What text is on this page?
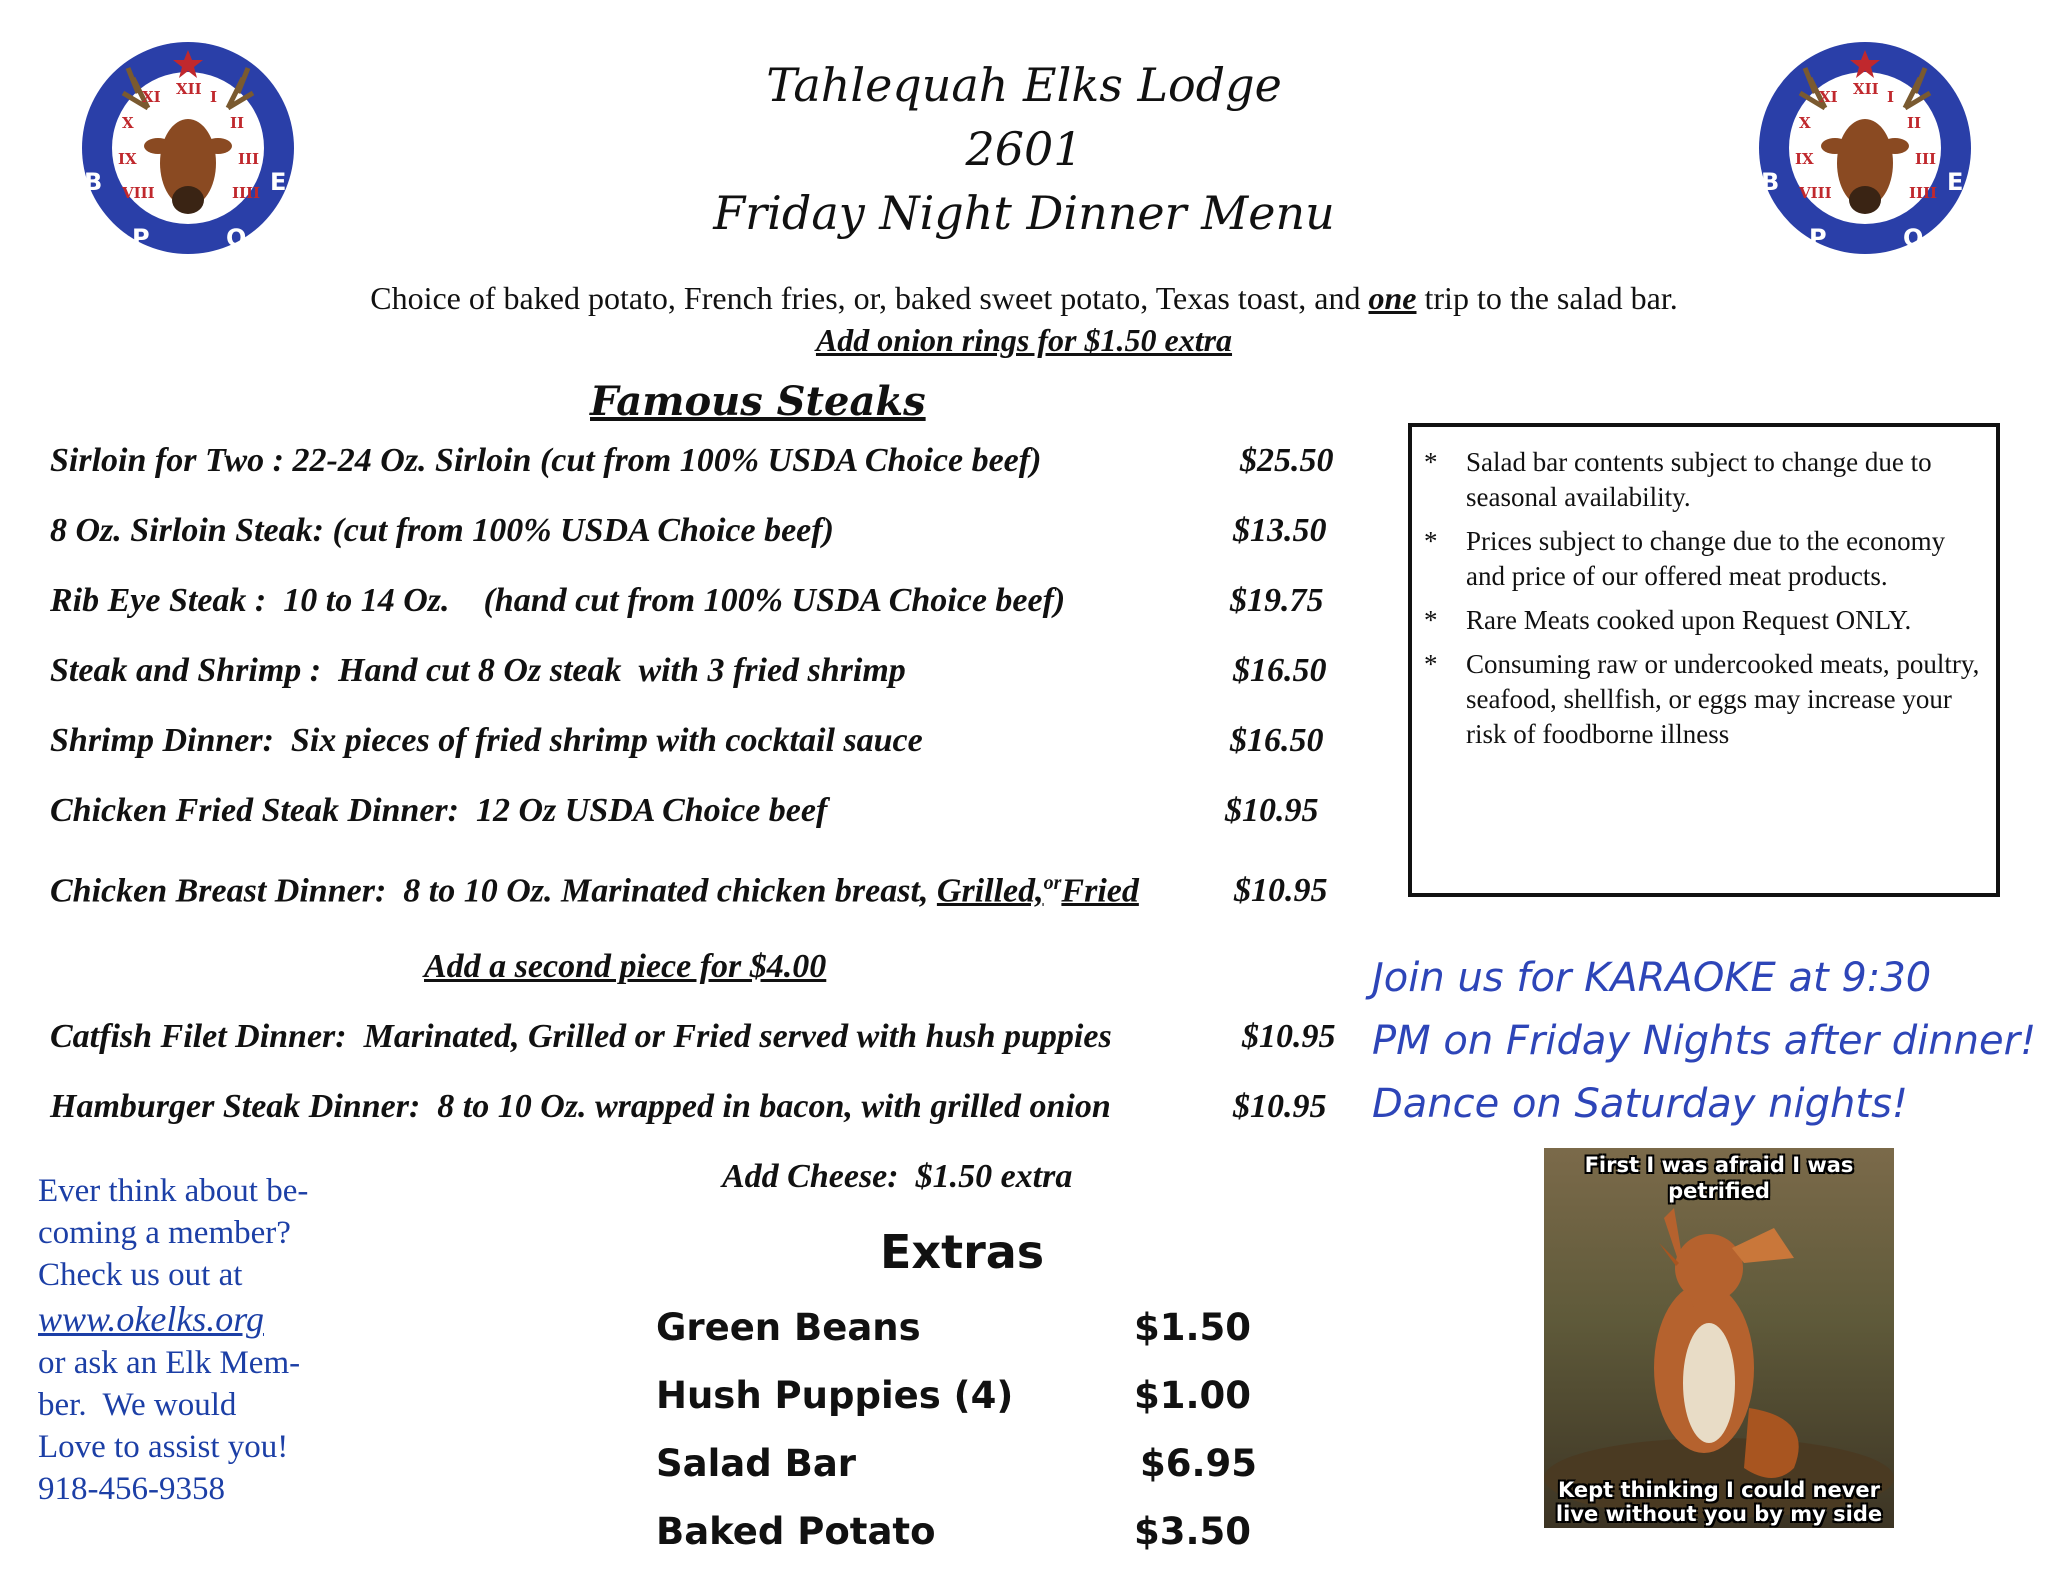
B
P	O
E	B
P	O
E
XII I
XI
X	II
III
IX
IIII
VIII
XII I
XI
X	II
III
IX
IIII
VIII
Tahlequah Elks Lodge
2601
Friday Night Dinner Menu
Choice of baked potato, French fries, or, baked sweet potato, Texas toast, and one trip to the salad bar.
Add onion rings for $1.50 extra
Famous Steaks
Sirloin for Two : 22-24 Oz. Sirloin (cut from 100% USDA Choice beef)	$25.50
8 Oz. Sirloin Steak: (cut from 100% USDA Choice beef)	$13.50
Rib Eye Steak :  10 to 14 Oz.    (hand cut from 100% USDA Choice beef)	$19.75
Steak and Shrimp :  Hand cut 8 Oz steak  with 3 fried shrimp	$16.50
Shrimp Dinner:  Six pieces of fried shrimp with cocktail sauce	$16.50
Chicken Fried Steak Dinner:  12 Oz USDA Choice beef	$10.95
Chicken Breast Dinner:  8 to 10 Oz. Marinated chicken breast, Grilled,$^{or}$Fried	$10.95
Add a second piece for $4.00
Catfish Filet Dinner:  Marinated, Grilled or Fried served with hush puppies	$10.95
Hamburger Steak Dinner:  8 to 10 Oz. wrapped in bacon, with grilled onion	$10.95
Add Cheese:  $1.50 extra
* Salad bar contents subject to change due to seasonal availability.
* Prices subject to change due to the economy and price of our offered meat products.
* Rare Meats cooked upon Request ONLY.
* Consuming raw or undercooked meats, poultry, seafood, shellfish, or eggs may increase your risk of foodborne illness
Join us for KARAOKE at 9:30
PM on Friday Nights after dinner!
Dance on Saturday nights!
First I was afraid I was petrified
Kept thinking I could never live without you by my side
Ever think about be-
coming a member?
Check us out at
www.okelks.org
or ask an Elk Mem-
ber.  We would
Love to assist you!
918-456-9358
Extras
Green Beans	$1.50
Hush Puppies (4)	$1.00
Salad Bar	$6.95
Baked Potato	$3.50
